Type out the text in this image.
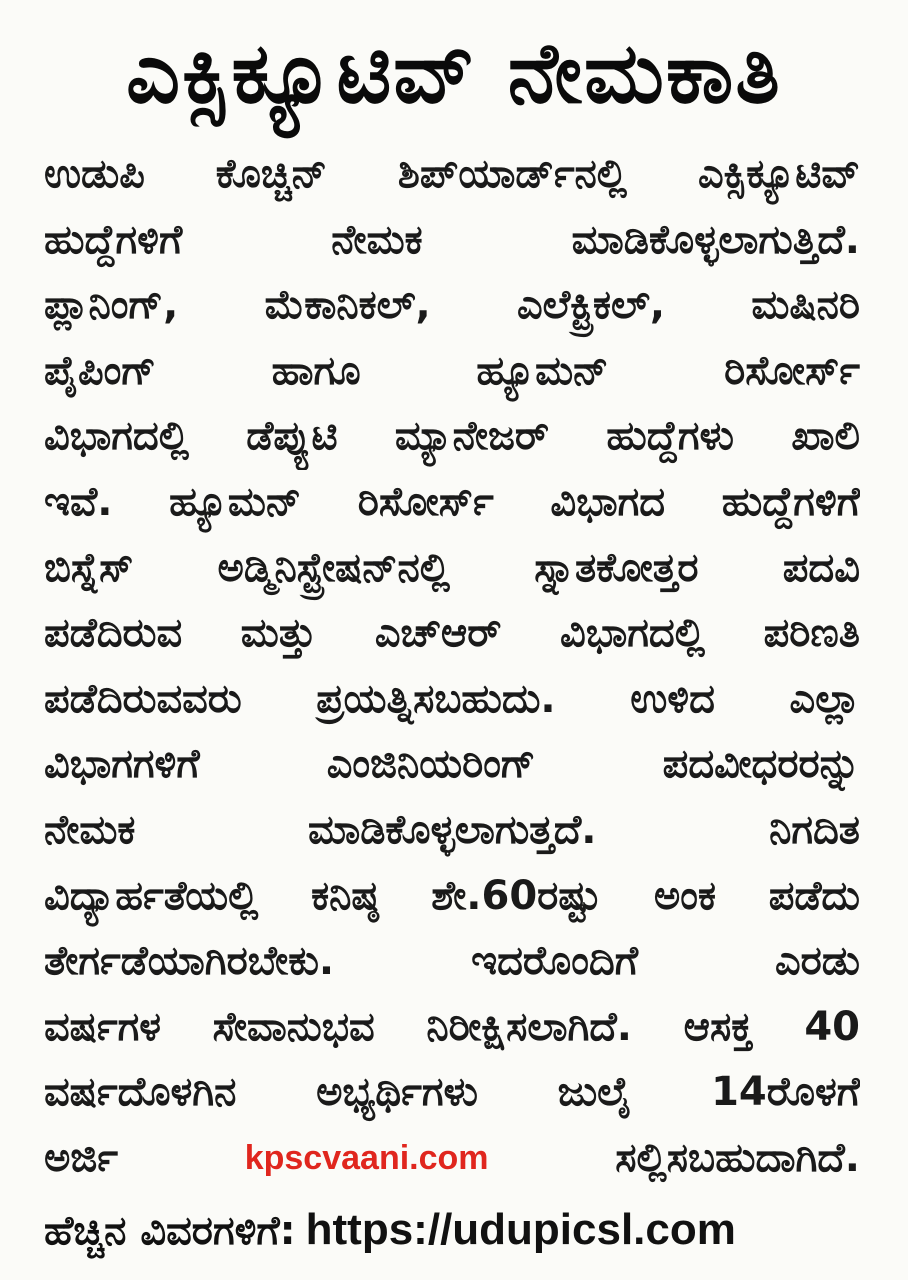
ಎಕ್ಸಿಕ್ಯೂಟಿವ್ ನೇಮಕಾತಿ
ಉಡುಪಿ ಕೊಚ್ಚಿನ್ ಶಿಪ್‌ಯಾರ್ಡ್‌ನಲ್ಲಿ ಎಕ್ಸಿಕ್ಯೂಟಿವ್
ಹುದ್ದೆಗಳಿಗೆ ನೇಮಕ ಮಾಡಿಕೊಳ್ಳಲಾಗುತ್ತಿದೆ.
ಪ್ಲಾನಿಂಗ್, ಮೆಕಾನಿಕಲ್, ಎಲೆಕ್ಟ್ರಿಕಲ್, ಮಷಿನರಿ
ಪೈಪಿಂಗ್ ಹಾಗೂ ಹ್ಯೂಮನ್ ರಿಸೋರ್ಸ್
ವಿಭಾಗದಲ್ಲಿ ಡೆಪ್ಯುಟಿ ಮ್ಯಾನೇಜರ್ ಹುದ್ದೆಗಳು ಖಾಲಿ
ಇವೆ. ಹ್ಯೂಮನ್ ರಿಸೋರ್ಸ್ ವಿಭಾಗದ ಹುದ್ದೆಗಳಿಗೆ
ಬಿಸ್ನೆಸ್ ಅಡ್ಮಿನಿಸ್ಟ್ರೇಷನ್‌ನಲ್ಲಿ ಸ್ನಾತಕೋತ್ತರ ಪದವಿ
ಪಡೆದಿರುವ ಮತ್ತು ಎಚ್‌ಆರ್ ವಿಭಾಗದಲ್ಲಿ ಪರಿಣತಿ
ಪಡೆದಿರುವವರು ಪ್ರಯತ್ನಿಸಬಹುದು. ಉಳಿದ ಎಲ್ಲಾ
ವಿಭಾಗಗಳಿಗೆ ಎಂಜಿನಿಯರಿಂಗ್ ಪದವೀಧರರನ್ನು
ನೇಮಕ ಮಾಡಿಕೊಳ್ಳಲಾಗುತ್ತದೆ. ನಿಗದಿತ
ವಿದ್ಯಾರ್ಹತೆಯಲ್ಲಿ ಕನಿಷ್ಠ ಶೇ.60ರಷ್ಟು ಅಂಕ ಪಡೆದು
ತೇರ್ಗಡೆಯಾಗಿರಬೇಕು. ಇದರೊಂದಿಗೆ ಎರಡು
ವರ್ಷಗಳ ಸೇವಾನುಭವ ನಿರೀಕ್ಷಿಸಲಾಗಿದೆ. ಆಸಕ್ತ 40
ವರ್ಷದೊಳಗಿನ ಅಭ್ಯರ್ಥಿಗಳು ಜುಲೈ 14ರೊಳಗೆ
ಅರ್ಜಿ	kpscvaani.com	ಸಲ್ಲಿಸಬಹುದಾಗಿದೆ.
ಹೆಚ್ಚಿನ ವಿವರಗಳಿಗೆ: https://udupicsl.com
